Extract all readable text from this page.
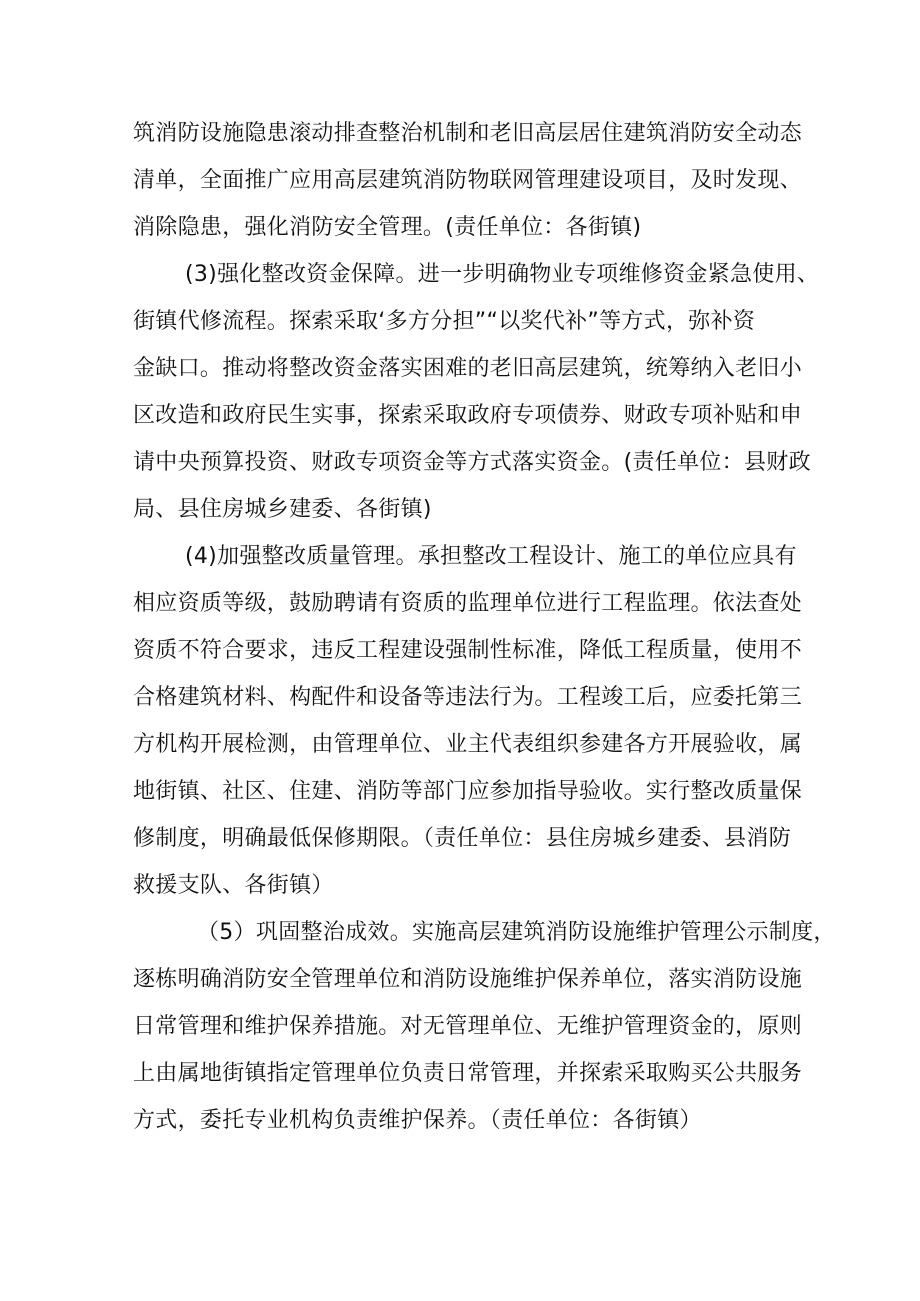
筑消防设施隐患滚动排查整治机制和老旧高层居住建筑消防安全动态
清单，全面推广应用高层建筑消防物联网管理建设项目，及时发现、
消除隐患，强化消防安全管理。(责任单位：各街镇)
(3)强化整改资金保障。进一步明确物业专项维修资金紧急使用、
街镇代修流程。探索采取‘多方分担”“以奖代补”等方式，弥补资
金缺口。推动将整改资金落实困难的老旧高层建筑，统筹纳入老旧小
区改造和政府民生实事，探索采取政府专项债券、财政专项补贴和申
请中央预算投资、财政专项资金等方式落实资金。(责任单位：县财政
局、县住房城乡建委、各街镇)
(4)加强整改质量管理。承担整改工程设计、施工的单位应具有
相应资质等级，鼓励聘请有资质的监理单位进行工程监理。依法查处
资质不符合要求，违反工程建设强制性标准，降低工程质量，使用不
合格建筑材料、构配件和设备等违法行为。工程竣工后，应委托第三
方机构开展检测，由管理单位、业主代表组织参建各方开展验收，属
地街镇、社区、住建、消防等部门应参加指导验收。实行整改质量保
修制度，明确最低保修期限。（责任单位：县住房城乡建委、县消防
救援支队、各街镇）
（5）巩固整治成效。实施高层建筑消防设施维护管理公示制度，
逐栋明确消防安全管理单位和消防设施维护保养单位，落实消防设施
日常管理和维护保养措施。对无管理单位、无维护管理资金的，原则
上由属地街镇指定管理单位负责日常管理，并探索采取购买公共服务
方式，委托专业机构负责维护保养。（责任单位：各街镇）
